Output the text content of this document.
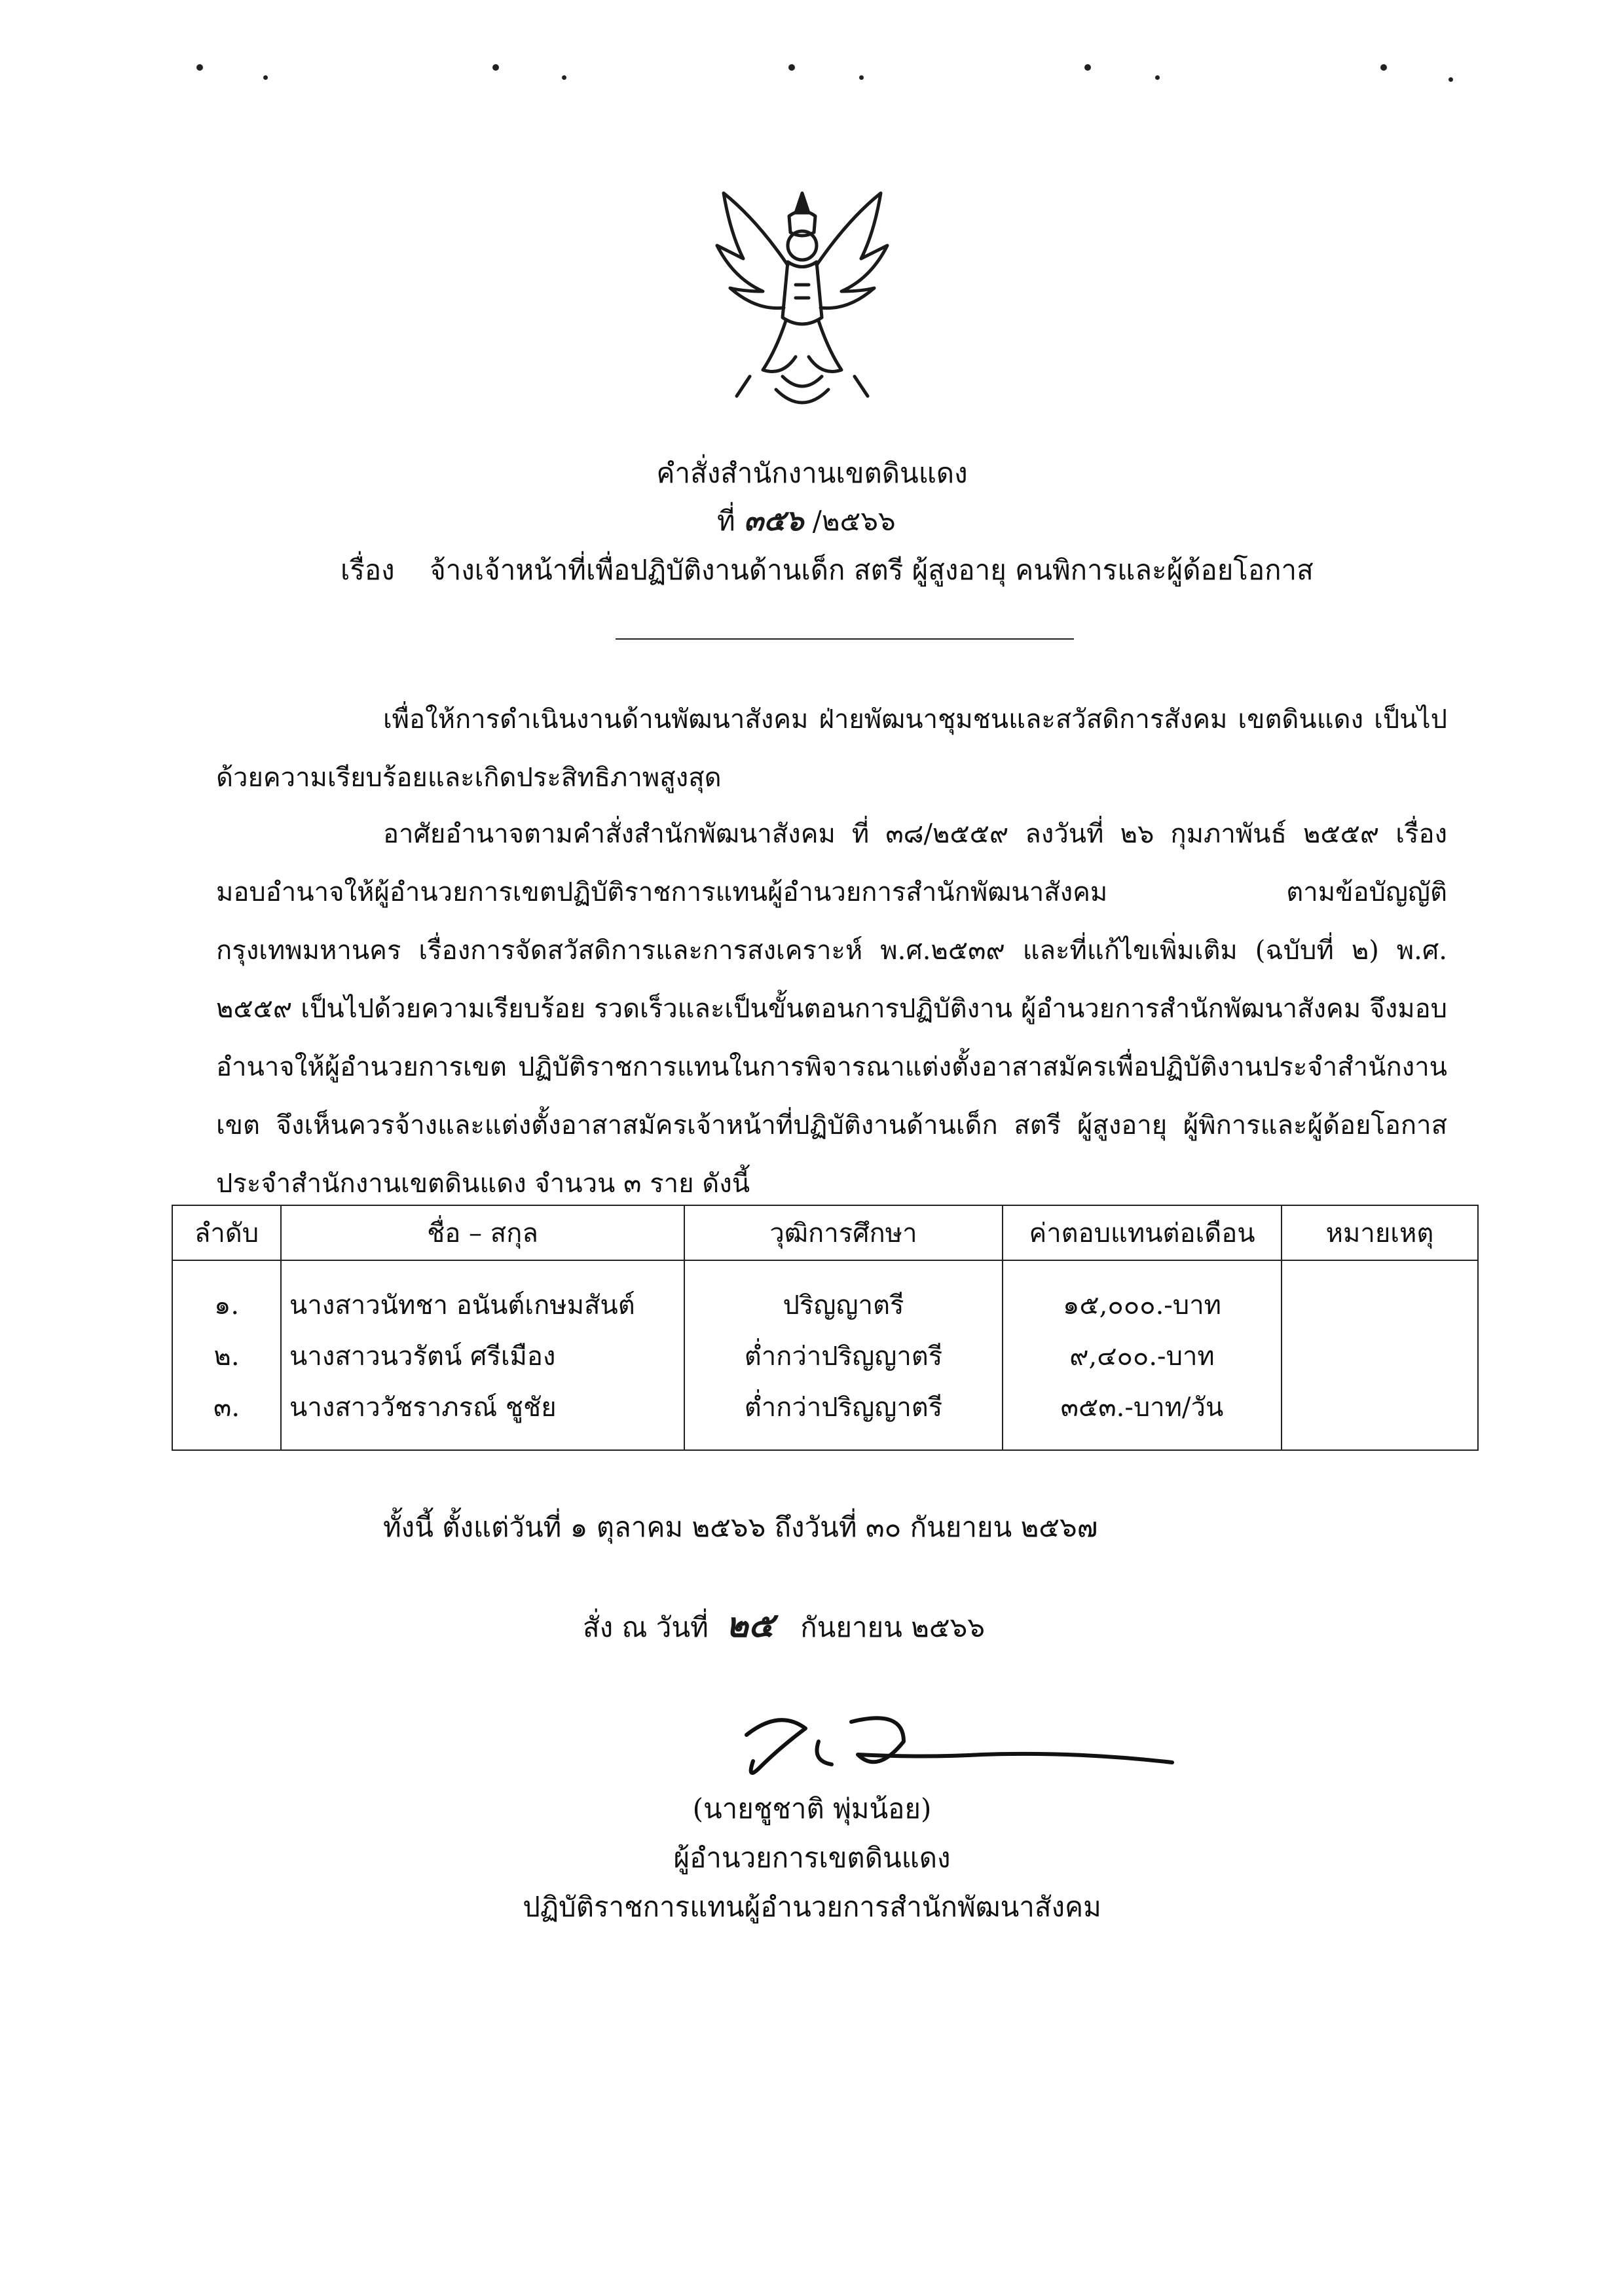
คำสั่งสำนักงานเขตดินแดง
ที่ ๓๕๖ /๒๕๖๖
เรื่อง จ้างเจ้าหน้าที่เพื่อปฏิบัติงานด้านเด็ก สตรี ผู้สูงอายุ คนพิการและผู้ด้อยโอกาส
เพื่อให้การดำเนินงานด้านพัฒนาสังคม ฝ่ายพัฒนาชุมชนและสวัสดิการสังคม เขตดินแดง เป็นไปด้วยความเรียบร้อยและเกิดประสิทธิภาพสูงสุด
อาศัยอำนาจตามคำสั่งสำนักพัฒนาสังคม ที่ ๓๘/๒๕๕๙ ลงวันที่ ๒๖ กุมภาพันธ์ ๒๕๕๙ เรื่อง มอบอำนาจให้ผู้อำนวยการเขตปฏิบัติราชการแทนผู้อำนวยการสำนักพัฒนาสังคม ตามข้อบัญญัติกรุงเทพมหานคร เรื่องการจัดสวัสดิการและการสงเคราะห์ พ.ศ.๒๕๓๙ และที่แก้ไขเพิ่มเติม (ฉบับที่ ๒) พ.ศ. ๒๕๕๙ เป็นไปด้วยความเรียบร้อย รวดเร็วและเป็นขั้นตอนการปฏิบัติงาน ผู้อำนวยการสำนักพัฒนาสังคม จึงมอบอำนาจให้ผู้อำนวยการเขต ปฏิบัติราชการแทนในการพิจารณาแต่งตั้งอาสาสมัครเพื่อปฏิบัติงานประจำสำนักงานเขต จึงเห็นควรจ้างและแต่งตั้งอาสาสมัครเจ้าหน้าที่ปฏิบัติงานด้านเด็ก สตรี ผู้สูงอายุ ผู้พิการและผู้ด้อยโอกาส ประจำสำนักงานเขตดินแดง จำนวน ๓ ราย ดังนี้
ลำดับ	ชื่อ – สกุล	วุฒิการศึกษา	ค่าตอบแทนต่อเดือน	หมายเหตุ
๑.	นางสาวนัทชา อนันต์เกษมสันต์	ปริญญาตรี	๑๕,๐๐๐.-บาท	
๒.	นางสาวนวรัตน์ ศรีเมือง	ต่ำกว่าปริญญาตรี	๙,๔๐๐.-บาท	
๓.	นางสาววัชราภรณ์ ชูชัย	ต่ำกว่าปริญญาตรี	๓๕๓.-บาท/วัน	
ทั้งนี้ ตั้งแต่วันที่ ๑ ตุลาคม ๒๕๖๖ ถึงวันที่ ๓๐ กันยายน ๒๕๖๗
สั่ง ณ วันที่ ๒๕ กันยายน ๒๕๖๖
(นายชูชาติ พุ่มน้อย)
ผู้อำนวยการเขตดินแดง
ปฏิบัติราชการแทนผู้อำนวยการสำนักพัฒนาสังคม
